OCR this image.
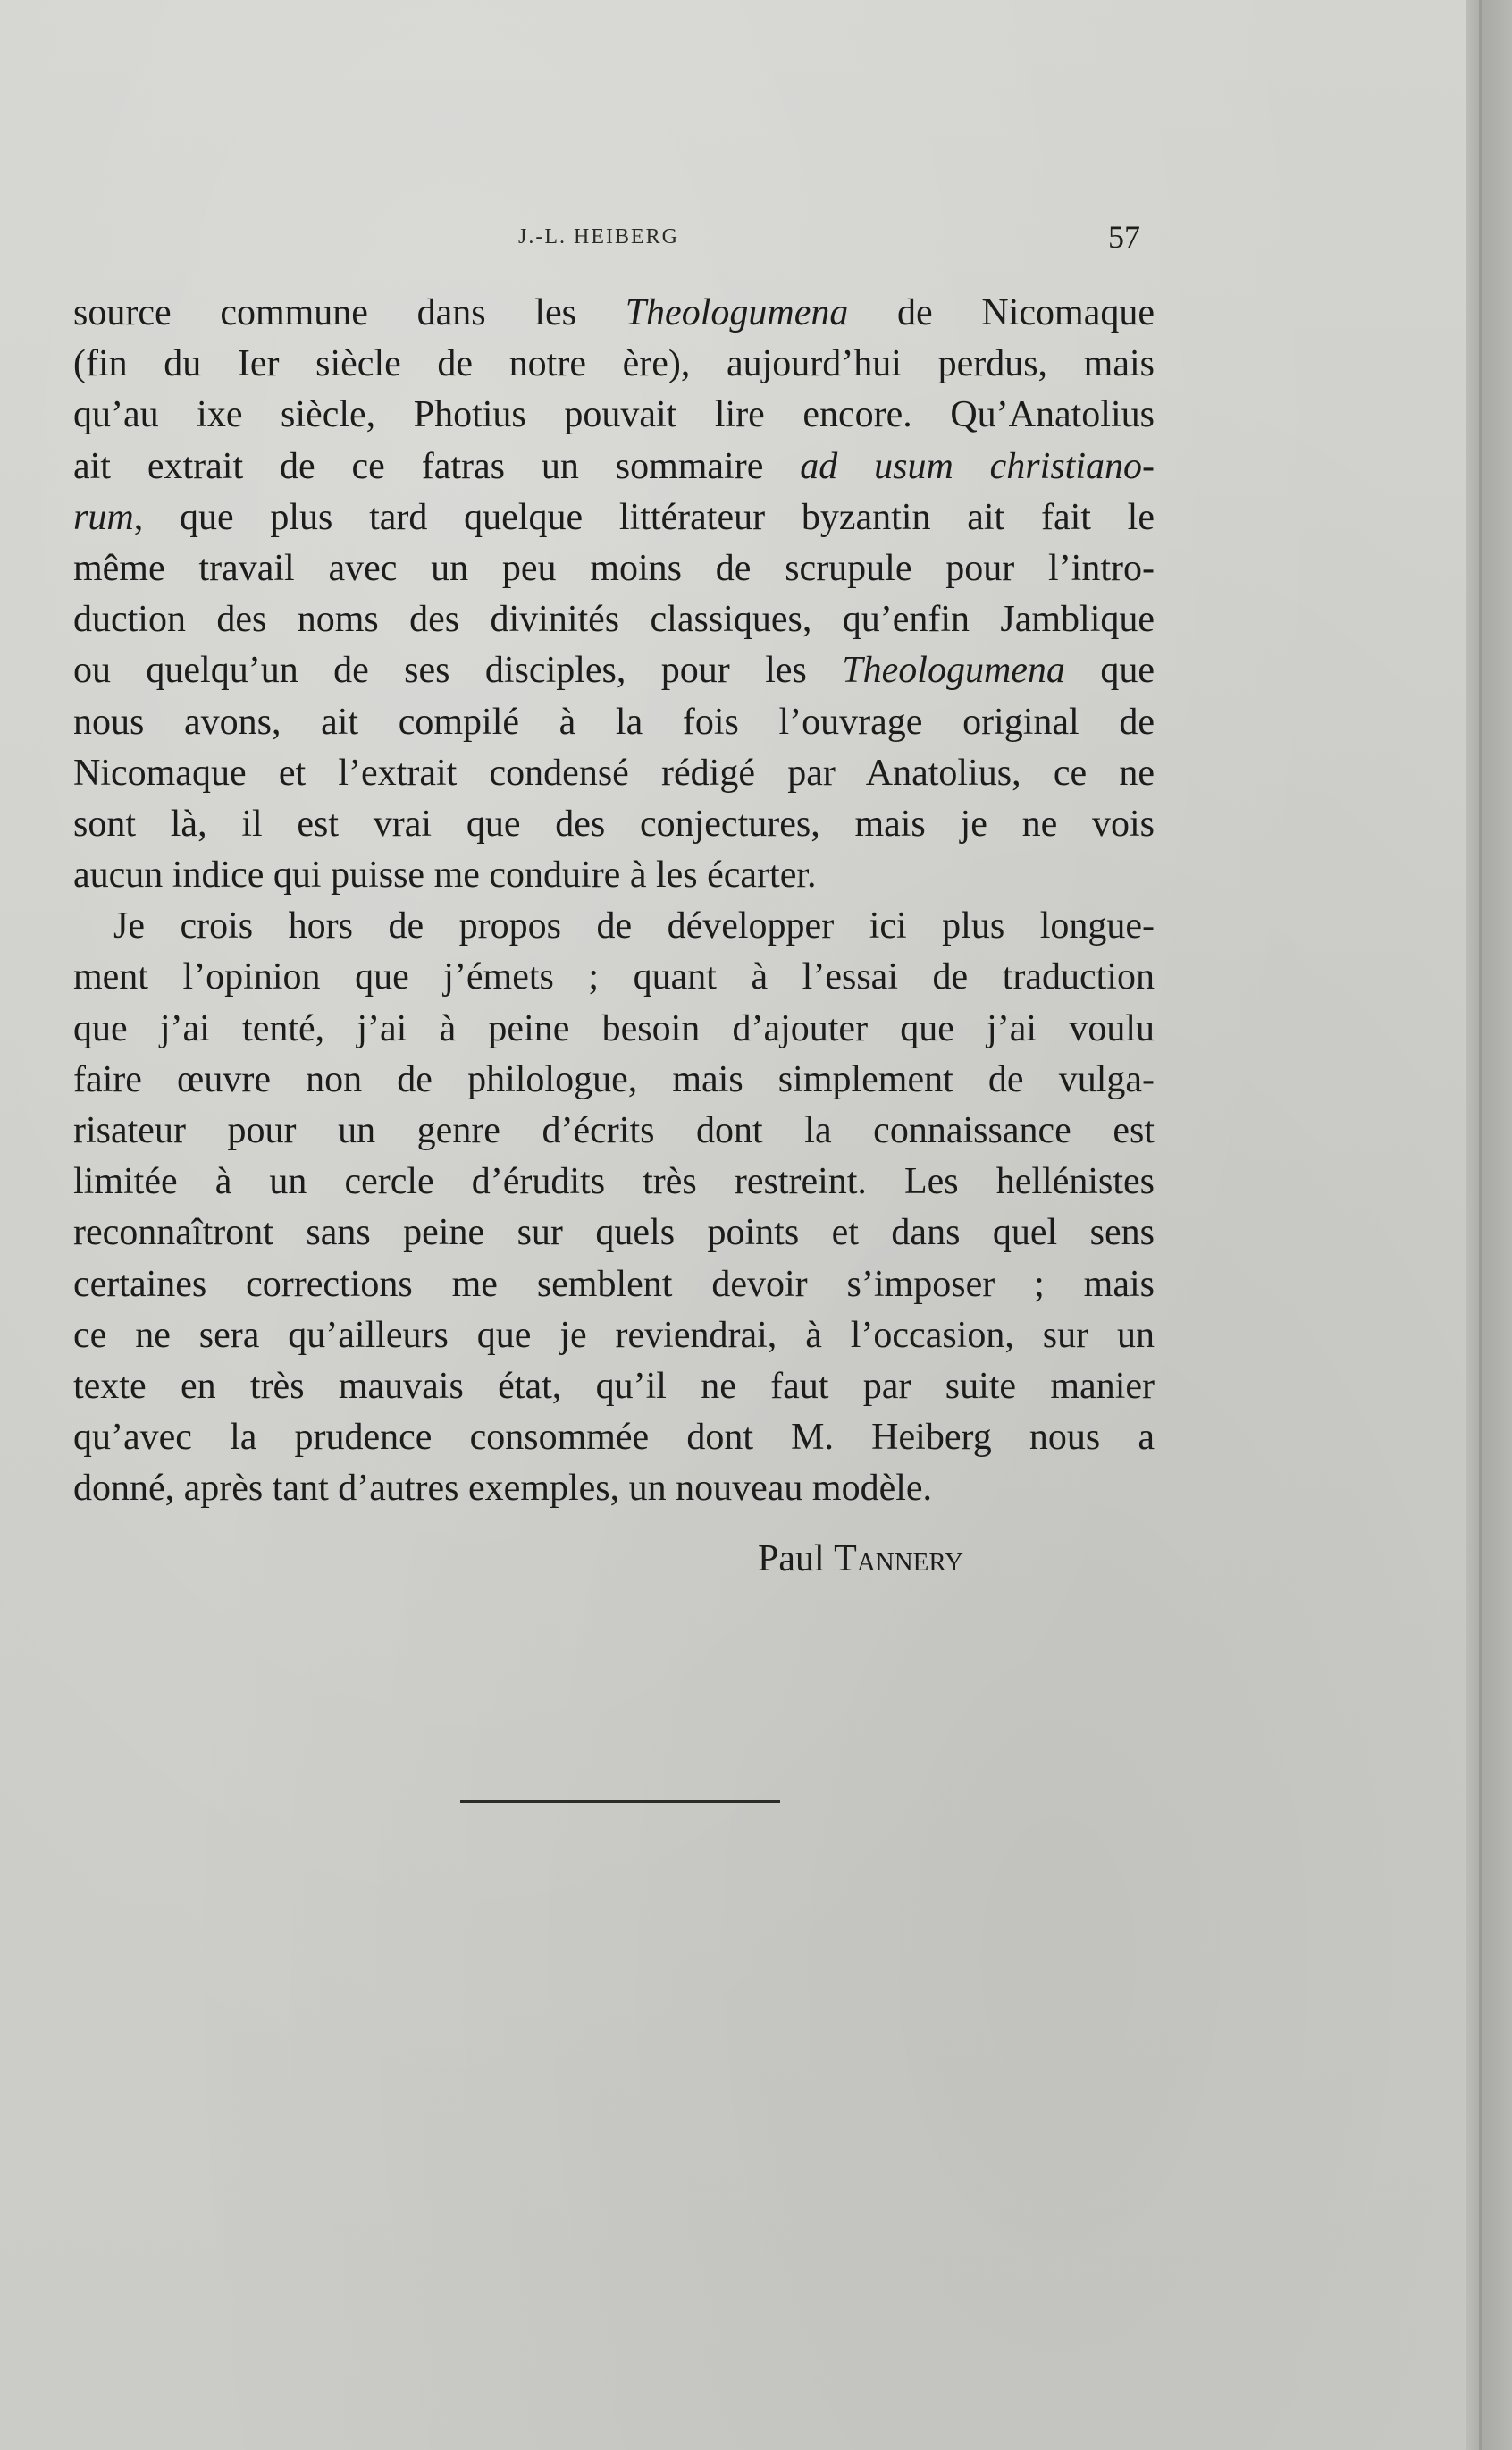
J.-L. HEIBERG	57
source commune dans les Theologumena de Nicomaque
(fin du Ier siècle de notre ère), aujourd’hui perdus, mais
qu’au ixe siècle, Photius pouvait lire encore. Qu’Anatolius
ait extrait de ce fatras un sommaire ad usum christiano-
rum, que plus tard quelque littérateur byzantin ait fait le
même travail avec un peu moins de scrupule pour l’intro-
duction des noms des divinités classiques, qu’enfin Jamblique
ou quelqu’un de ses disciples, pour les Theologumena que
nous avons, ait compilé à la fois l’ouvrage original de
Nicomaque et l’extrait condensé rédigé par Anatolius, ce ne
sont là, il est vrai que des conjectures, mais je ne vois
aucun indice qui puisse me conduire à les écarter.
Je crois hors de propos de développer ici plus longue-
ment l’opinion que j’émets ; quant à l’essai de traduction
que j’ai tenté, j’ai à peine besoin d’ajouter que j’ai voulu
faire œuvre non de philologue, mais simplement de vulga-
risateur pour un genre d’écrits dont la connaissance est
limitée à un cercle d’érudits très restreint. Les hellénistes
reconnaîtront sans peine sur quels points et dans quel sens
certaines corrections me semblent devoir s’imposer ; mais
ce ne sera qu’ailleurs que je reviendrai, à l’occasion, sur un
texte en très mauvais état, qu’il ne faut par suite manier
qu’avec la prudence consommée dont M. Heiberg nous a
donné, après tant d’autres exemples, un nouveau modèle.
Paul Tannery
